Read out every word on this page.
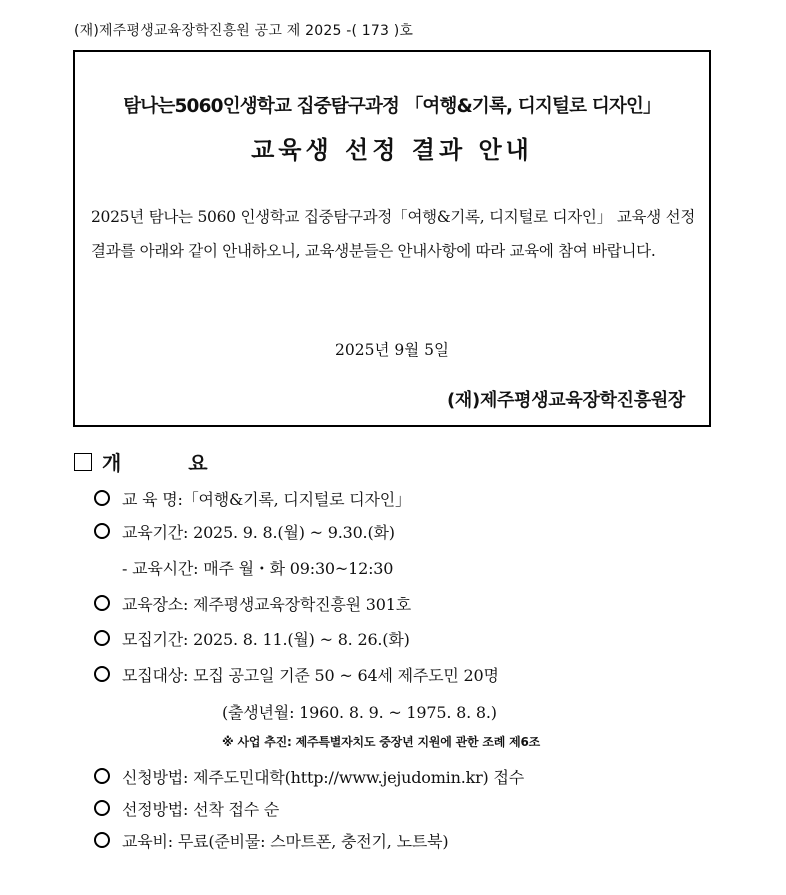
(재)제주평생교육장학진흥원 공고 제 2025 -( 173 )호
탐나는5060인생학교 집중탐구과정 「여행&기록, 디지털로 디자인」
교육생 선정 결과 안내
2025년 탐나는 5060 인생학교 집중탐구과정「여행&기록, 디지털로 디자인」 교육생 선정 결과를 아래와 같이 안내하오니, 교육생분들은 안내사항에 따라 교육에 참여 바랍니다.
2025년 9월 5일
(재)제주평생교육장학진흥원장
개 요
교 육 명:「여행&기록, 디지털로 디자인」
교육기간: 2025. 9. 8.(월) ~ 9.30.(화)
- 교육시간: 매주 월・화 09:30~12:30
교육장소: 제주평생교육장학진흥원 301호
모집기간: 2025. 8. 11.(월) ~ 8. 26.(화)
모집대상: 모집 공고일 기준 50 ~ 64세 제주도민 20명
(출생년월: 1960. 8. 9. ~ 1975. 8. 8.)
※ 사업 추진: 제주특별자치도 중장년 지원에 관한 조례 제6조
신청방법: 제주도민대학(http://www.jejudomin.kr) 접수
선정방법: 선착 접수 순
교육비: 무료(준비물: 스마트폰, 충전기, 노트북)
